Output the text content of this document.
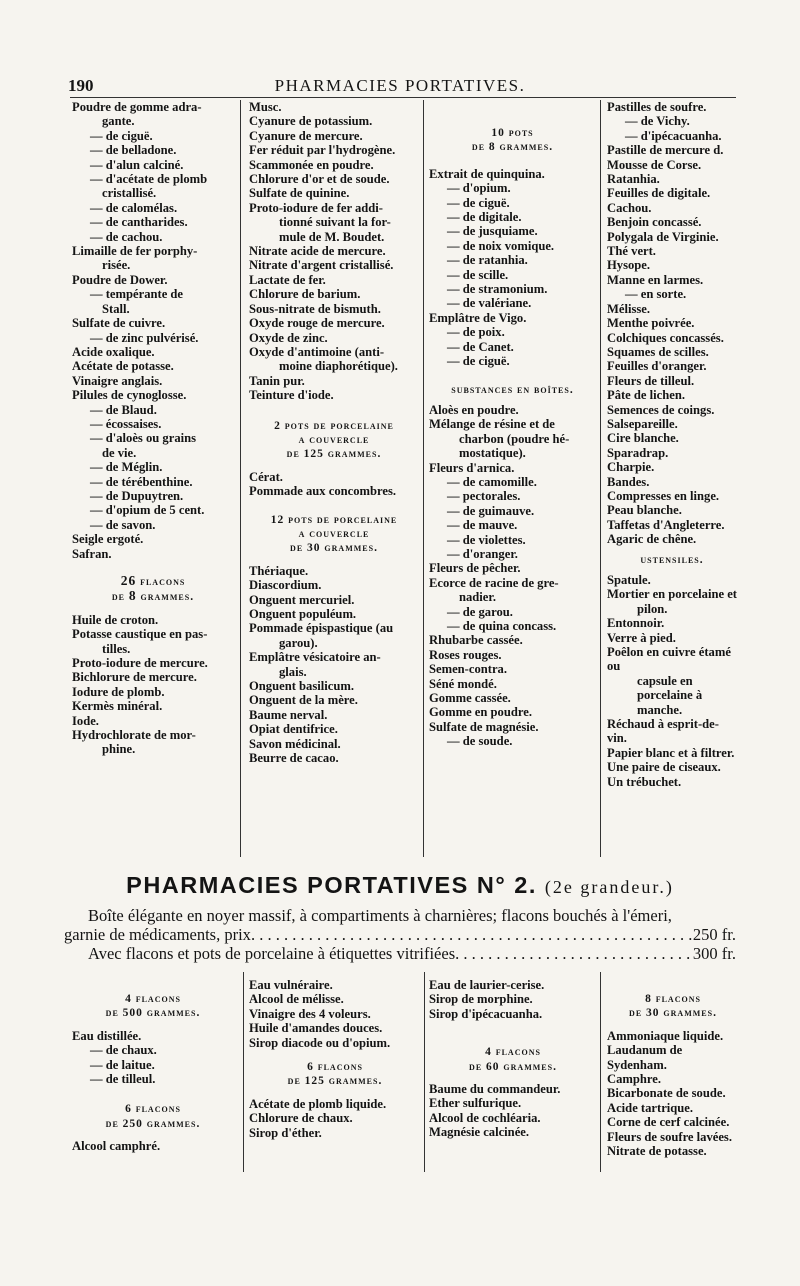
190	PHARMACIES PORTATIVES.

Poudre de gomme adra-

gante.

— de ciguë.

— de belladone.

— d'alun calciné.

— d'acétate de plomb

cristallisé.

— de calomélas.

— de cantharides.

— de cachou.

Limaille de fer porphy-

risée.

Poudre de Dower.

— tempérante de

Stall.

Sulfate de cuivre.

— de zinc pulvérisé.

Acide oxalique.

Acétate de potasse.

Vinaigre anglais.

Pilules de cynoglosse.

— de Blaud.

— écossaises.

— d'aloès ou grains

de vie.

— de Méglin.

— de térébenthine.

— de Dupuytren.

— d'opium de 5 cent.

— de savon.

Seigle ergoté.

Safran.

26 flacons
de 8 grammes.

Huile de croton.

Potasse caustique en pas-

tilles.

Proto-iodure de mercure.

Bichlorure de mercure.

Iodure de plomb.

Kermès minéral.

Iode.

Hydrochlorate de mor-

phine.

Musc.

Cyanure de potassium.

Cyanure de mercure.

Fer réduit par l'hydrogène.

Scammonée en poudre.

Chlorure d'or et de soude.

Sulfate de quinine.

Proto-iodure de fer addi-

tionné suivant la for-

mule de M. Boudet.

Nitrate acide de mercure.

Nitrate d'argent cristallisé.

Lactate de fer.

Chlorure de barium.

Sous-nitrate de bismuth.

Oxyde rouge de mercure.

Oxyde de zinc.

Oxyde d'antimoine (anti-

moine diaphorétique).

Tanin pur.

Teinture d'iode.

2 pots de porcelaine
a couvercle
de 125 grammes.

Cérat.

Pommade aux concombres.

12 pots de porcelaine
a couvercle
de 30 grammes.

Thériaque.

Diascordium.

Onguent mercuriel.

Onguent populéum.

Pommade épispastique (au

garou).

Emplâtre vésicatoire an-

glais.

Onguent basilicum.

Onguent de la mère.

Baume nerval.

Opiat dentifrice.

Savon médicinal.

Beurre de cacao.

10 pots
de 8 grammes.

Extrait de quinquina.

— d'opium.

— de ciguë.

— de digitale.

— de jusquiame.

— de noix vomique.

— de ratanhia.

— de scille.

— de stramonium.

— de valériane.

Emplâtre de Vigo.

— de poix.

— de Canet.

— de ciguë.

substances en boîtes.

Aloès en poudre.

Mélange de résine et de

charbon (poudre hé-

mostatique).

Fleurs d'arnica.

— de camomille.

— pectorales.

— de guimauve.

— de mauve.

— de violettes.

— d'oranger.

Fleurs de pêcher.

Ecorce de racine de gre-

nadier.

— de garou.

— de quina concass.

Rhubarbe cassée.

Roses rouges.

Semen-contra.

Séné mondé.

Gomme cassée.

Gomme en poudre.

Sulfate de magnésie.

— de soude.

Pastilles de soufre.

— de Vichy.

— d'ipécacuanha.

Pastille de mercure d.

Mousse de Corse.

Ratanhia.

Feuilles de digitale.

Cachou.

Benjoin concassé.

Polygala de Virginie.

Thé vert.

Hysope.

Manne en larmes.

— en sorte.

Mélisse.

Menthe poivrée.

Colchiques concassés.

Squames de scilles.

Feuilles d'oranger.

Fleurs de tilleul.

Pâte de lichen.

Semences de coings.

Salsepareille.

Cire blanche.

Sparadrap.

Charpie.

Bandes.

Compresses en linge.

Peau blanche.

Taffetas d'Angleterre.

Agaric de chêne.

ustensiles.

Spatule.

Mortier en porcelaine et

pilon.

Entonnoir.

Verre à pied.

Poêlon en cuivre étamé ou

capsule en porcelaine à

manche.

Réchaud à esprit-de-vin.

Papier blanc et à filtrer.

Une paire de ciseaux.

Un trébuchet.

PHARMACIES PORTATIVES N° 2. (2e grandeur.)

Boîte élégante en noyer massif, à compartiments à charnières; flacons bouchés à l'émeri,

garnie de médicaments, prix . . .	250 fr.

Avec flacons et pots de porcelaine à étiquettes vitrifiées . . .	300 fr.

4 flacons
de 500 grammes.

Eau distillée.

— de chaux.

— de laitue.

— de tilleul.

6 flacons
de 250 grammes.

Alcool camphré.

Eau vulnéraire.

Alcool de mélisse.

Vinaigre des 4 voleurs.

Huile d'amandes douces.

Sirop diacode ou d'opium.

6 flacons
de 125 grammes.

Acétate de plomb liquide.

Chlorure de chaux.

Sirop d'éther.

Eau de laurier-cerise.

Sirop de morphine.

Sirop d'ipécacuanha.

4 flacons
de 60 grammes.

Baume du commandeur.

Ether sulfurique.

Alcool de cochléaria.

Magnésie calcinée.

8 flacons
de 30 grammes.

Ammoniaque liquide.

Laudanum de Sydenham.

Camphre.

Bicarbonate de soude.

Acide tartrique.

Corne de cerf calcinée.

Fleurs de soufre lavées.

Nitrate de potasse.
